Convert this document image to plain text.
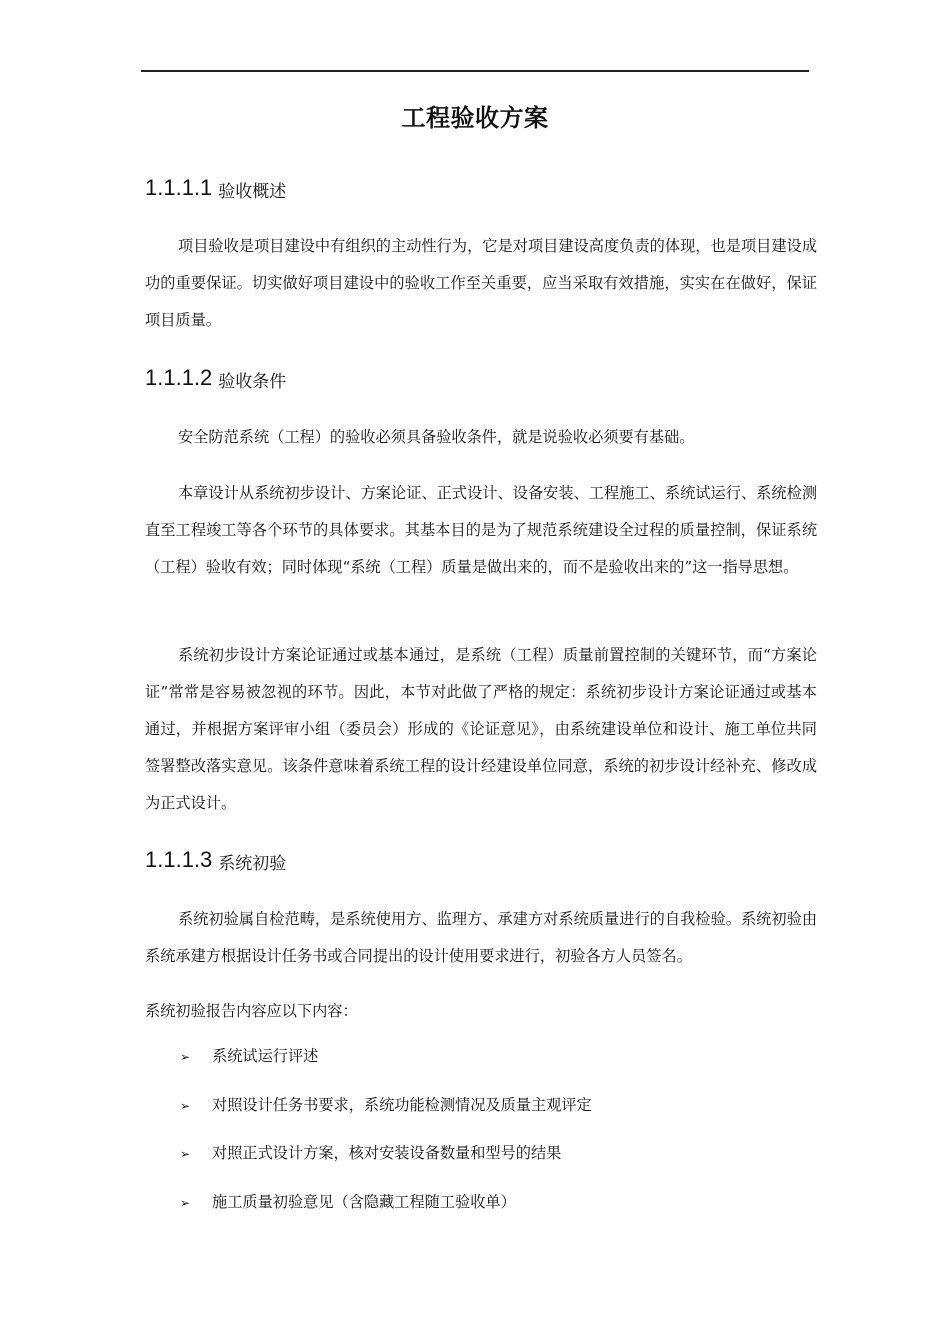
工程验收方案
1.1.1.1 验收概述

项目验收是项目建设中有组织的主动性行为，它是对项目建设高度负责的体现，也是项目建设成功的重要保证。切实做好项目建设中的验收工作至关重要，应当采取有效措施，实实在在做好，保证项目质量。

1.1.1.2 验收条件

安全防范系统（工程）的验收必须具备验收条件，就是说验收必须要有基础。

本章设计从系统初步设计、方案论证、正式设计、设备安装、工程施工、系统试运行、系统检测直至工程竣工等各个环节的具体要求。其基本目的是为了规范系统建设全过程的质量控制，保证系统（工程）验收有效；同时体现“系统（工程）质量是做出来的，而不是验收出来的”这一指导思想。

系统初步设计方案论证通过或基本通过，是系统（工程）质量前置控制的关键环节，而“方案论证”常常是容易被忽视的环节。因此，本节对此做了严格的规定：系统初步设计方案论证通过或基本通过，并根据方案评审小组（委员会）形成的《论证意见》，由系统建设单位和设计、施工单位共同签署整改落实意见。该条件意味着系统工程的设计经建设单位同意，系统的初步设计经补充、修改成为正式设计。

1.1.1.3 系统初验

系统初验属自检范畴，是系统使用方、监理方、承建方对系统质量进行的自我检验。系统初验由系统承建方根据设计任务书或合同提出的设计使用要求进行，初验各方人员签名。

系统初验报告内容应以下内容：

➢ 系统试运行评述
➢ 对照设计任务书要求，系统功能检测情况及质量主观评定
➢ 对照正式设计方案，核对安装设备数量和型号的结果
➢ 施工质量初验意见（含隐藏工程随工验收单）
